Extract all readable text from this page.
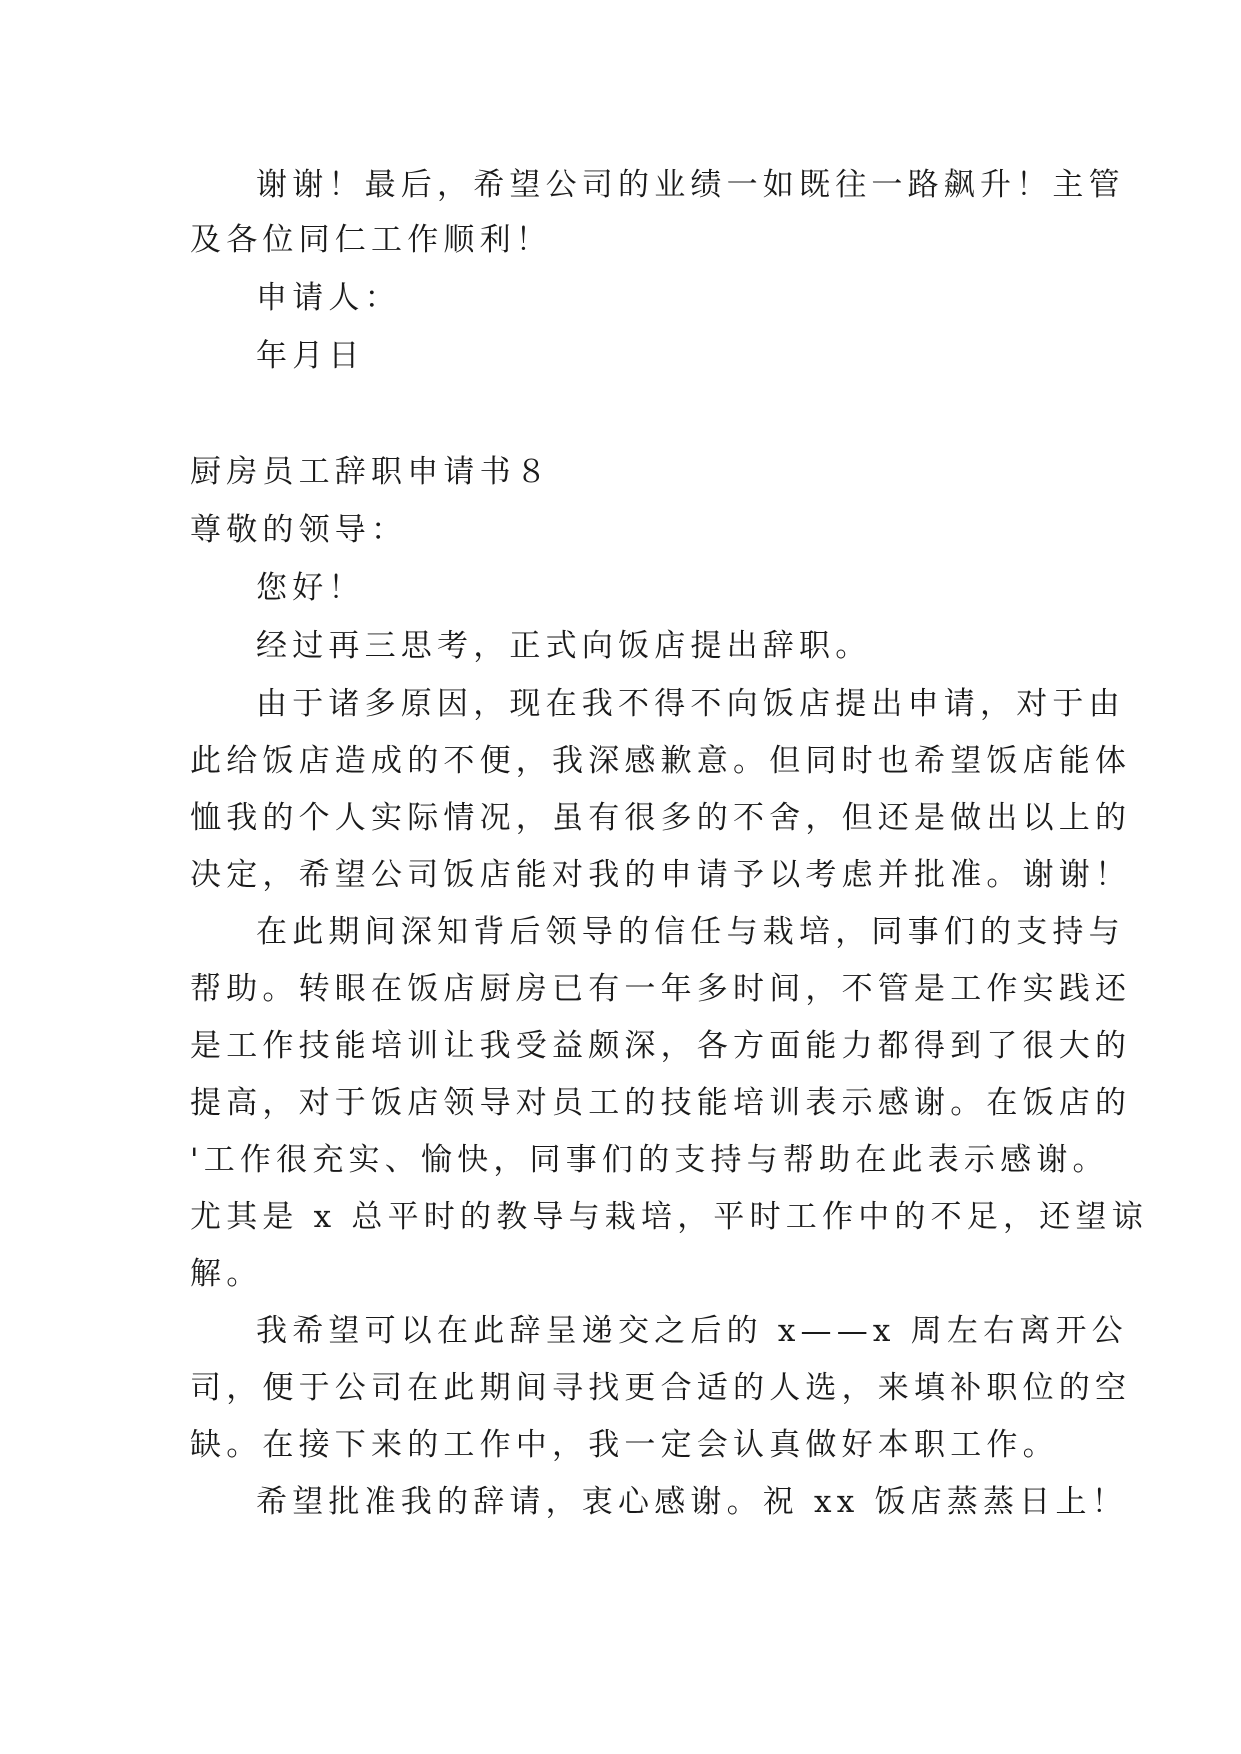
谢谢！最后，希望公司的业绩一如既往一路飙升！主管
及各位同仁工作顺利！
申请人：
年月日
厨房员工辞职申请书８
尊敬的领导：
您好！
经过再三思考，正式向饭店提出辞职。
由于诸多原因，现在我不得不向饭店提出申请，对于由
此给饭店造成的不便，我深感歉意。但同时也希望饭店能体
恤我的个人实际情况，虽有很多的不舍，但还是做出以上的
决定，希望公司饭店能对我的申请予以考虑并批准。谢谢！
在此期间深知背后领导的信任与栽培，同事们的支持与
帮助。转眼在饭店厨房已有一年多时间，不管是工作实践还
是工作技能培训让我受益颇深，各方面能力都得到了很大的
提高，对于饭店领导对员工的技能培训表示感谢。在饭店的
'工作很充实、愉快，同事们的支持与帮助在此表示感谢。
尤其是 x 总平时的教导与栽培，平时工作中的不足，还望谅
解。
我希望可以在此辞呈递交之后的 x——x 周左右离开公
司，便于公司在此期间寻找更合适的人选，来填补职位的空
缺。在接下来的工作中，我一定会认真做好本职工作。
希望批准我的辞请，衷心感谢。祝 xx 饭店蒸蒸日上！
